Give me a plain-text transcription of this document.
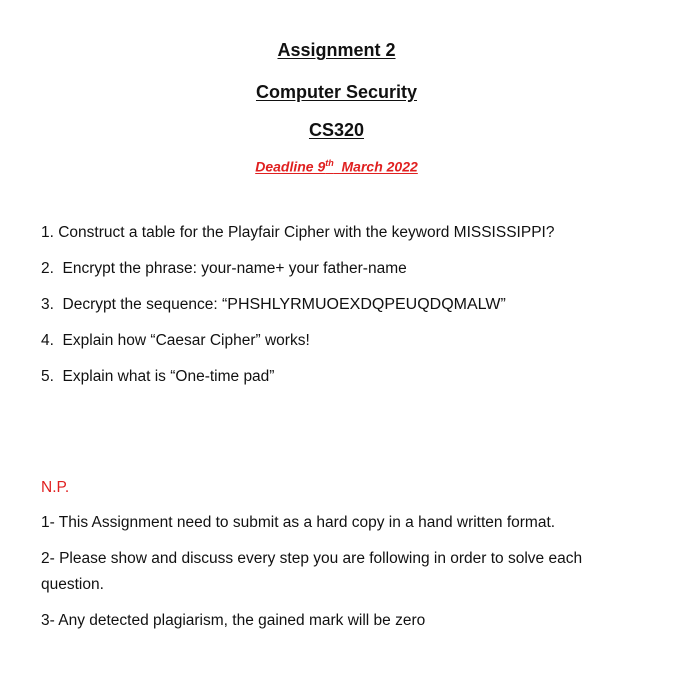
Assignment 2
Computer Security
CS320
Deadline 9th  March 2022
1. Construct a table for the Playfair Cipher with the keyword MISSISSIPPI?
2.  Encrypt the phrase: your-name+ your father-name
3.  Decrypt the sequence: “PHSHLYRMUOEXDQPEUQDQMALW”
4.  Explain how “Caesar Cipher” works!
5.  Explain what is “One-time pad”
N.P.
1- This Assignment need to submit as a hard copy in a hand written format.
2- Please show and discuss every step you are following in order to solve each
question.
3- Any detected plagiarism, the gained mark will be zero
